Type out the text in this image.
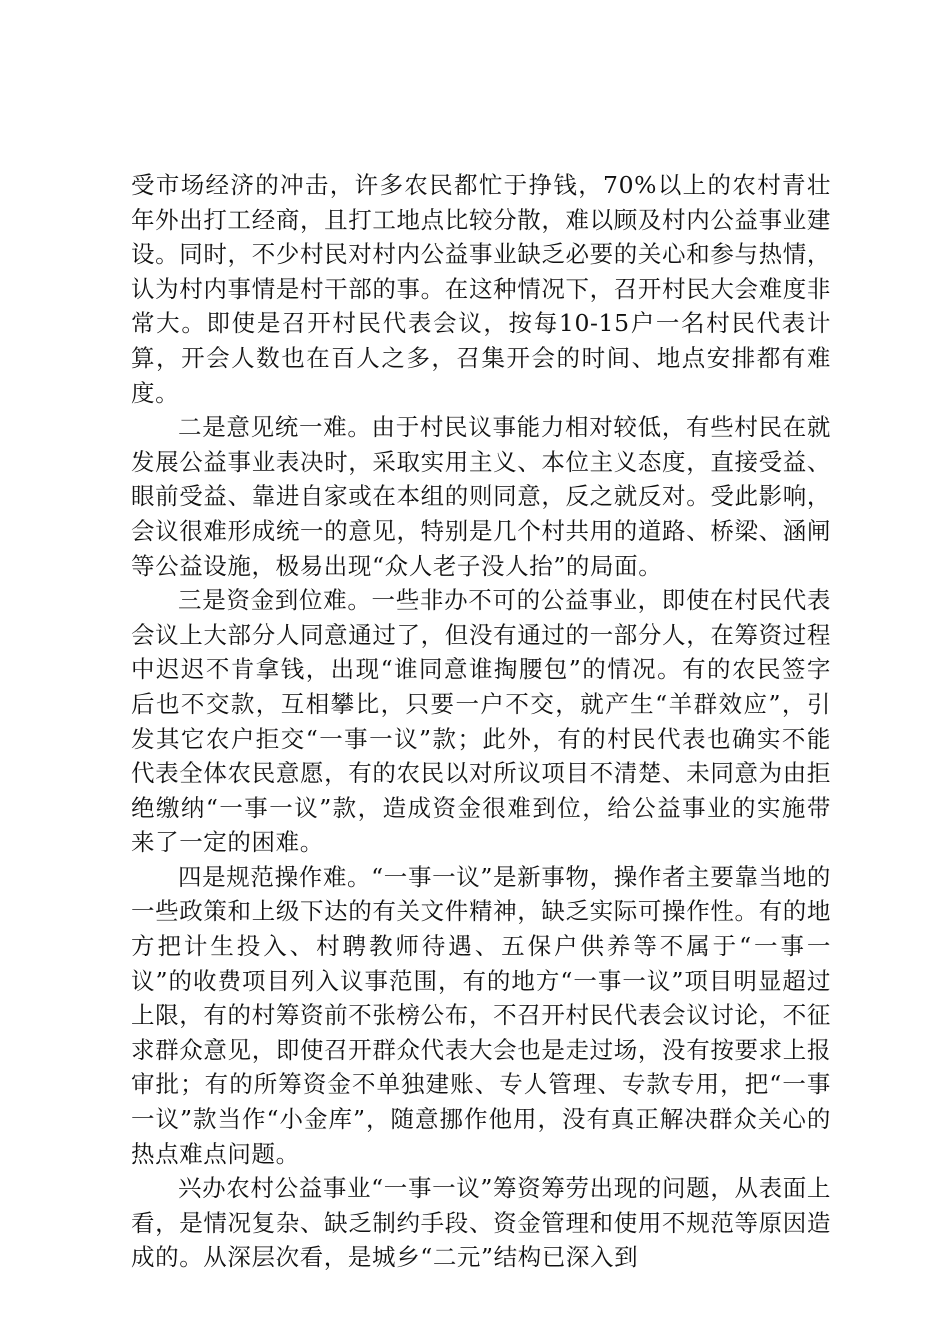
受市场经济的冲击，许多农民都忙于挣钱，70%以上的农村青壮年外出打工经商，且打工地点比较分散，难以顾及村内公益事业建设。同时，不少村民对村内公益事业缺乏必要的关心和参与热情，认为村内事情是村干部的事。在这种情况下，召开村民大会难度非常大。即使是召开村民代表会议，按每10-15户一名村民代表计算，开会人数也在百人之多，召集开会的时间、地点安排都有难度。

二是意见统一难。由于村民议事能力相对较低，有些村民在就发展公益事业表决时，采取实用主义、本位主义态度，直接受益、眼前受益、靠进自家或在本组的则同意，反之就反对。受此影响，会议很难形成统一的意见，特别是几个村共用的道路、桥梁、涵闸等公益设施，极易出现“众人老子没人抬”的局面。

三是资金到位难。一些非办不可的公益事业，即使在村民代表会议上大部分人同意通过了，但没有通过的一部分人，在筹资过程中迟迟不肯拿钱，出现“谁同意谁掏腰包”的情况。有的农民签字后也不交款，互相攀比，只要一户不交，就产生“羊群效应”，引发其它农户拒交“一事一议”款；此外，有的村民代表也确实不能代表全体农民意愿，有的农民以对所议项目不清楚、未同意为由拒绝缴纳“一事一议”款，造成资金很难到位，给公益事业的实施带来了一定的困难。

四是规范操作难。“一事一议”是新事物，操作者主要靠当地的一些政策和上级下达的有关文件精神，缺乏实际可操作性。有的地方把计生投入、村聘教师待遇、五保户供养等不属于“一事一议”的收费项目列入议事范围，有的地方“一事一议”项目明显超过上限，有的村筹资前不张榜公布，不召开村民代表会议讨论，不征求群众意见，即使召开群众代表大会也是走过场，没有按要求上报审批；有的所筹资金不单独建账、专人管理、专款专用，把“一事一议”款当作“小金库”，随意挪作他用，没有真正解决群众关心的热点难点问题。

兴办农村公益事业“一事一议”筹资筹劳出现的问题，从表面上看，是情况复杂、缺乏制约手段、资金管理和使用不规范等原因造成的。从深层次看，是城乡“二元”结构已深入到
